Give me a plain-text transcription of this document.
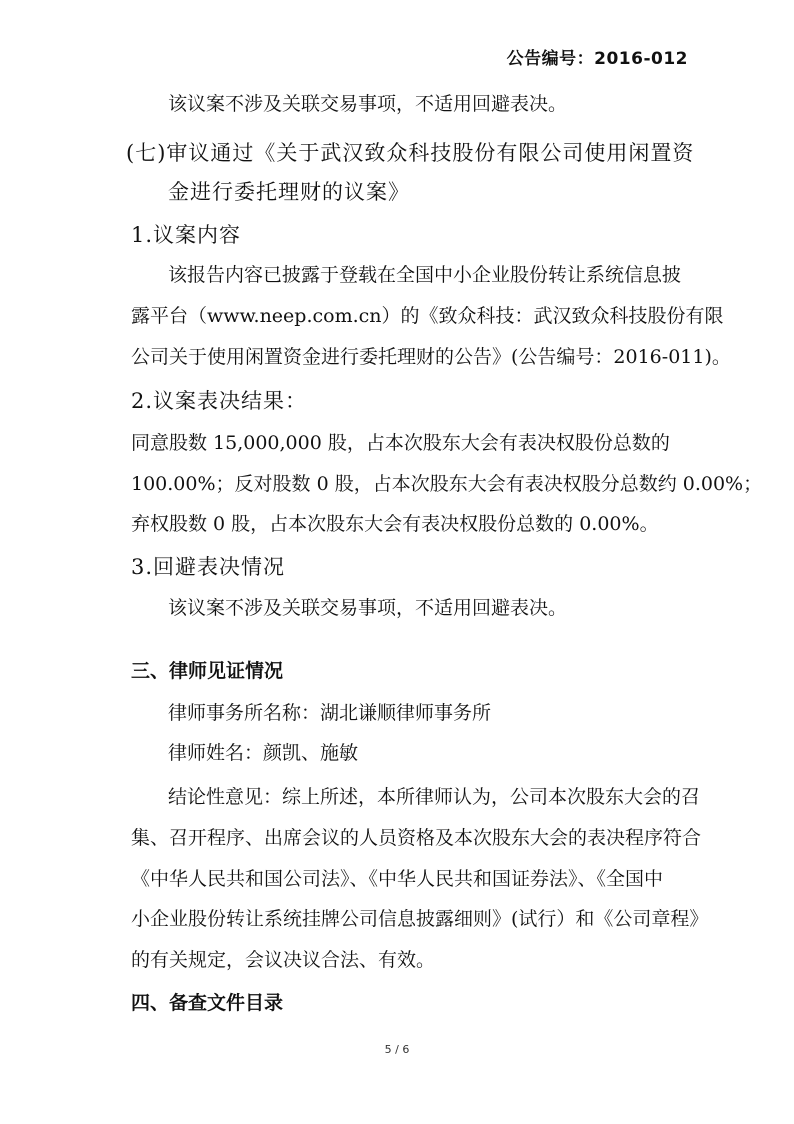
公告编号：2016-012
该议案不涉及关联交易事项，不适用回避表决。
(七)审议通过《关于武汉致众科技股份有限公司使用闲置资
金进行委托理财的议案》
1.议案内容
该报告内容已披露于登载在全国中小企业股份转让系统信息披
露平台（www.neep.com.cn）的《致众科技：武汉致众科技股份有限
公司关于使用闲置资金进行委托理财的公告》(公告编号：2016-011)。
2.议案表决结果：
同意股数 15,000,000 股，占本次股东大会有表决权股份总数的
100.00%；反对股数 0 股，占本次股东大会有表决权股分总数约 0.00%；
弃权股数 0 股，占本次股东大会有表决权股份总数的 0.00%。
3.回避表决情况
该议案不涉及关联交易事项，不适用回避表决。
三、律师见证情况
律师事务所名称：湖北谦顺律师事务所
律师姓名：颜凯、施敏
结论性意见：综上所述，本所律师认为，公司本次股东大会的召
集、召开程序、出席会议的人员资格及本次股东大会的表决程序符合
《中华人民共和国公司法》、《中华人民共和国证券法》、《全国中
小企业股份转让系统挂牌公司信息披露细则》(试行）和《公司章程》
的有关规定，会议决议合法、有效。
四、备查文件目录
5 / 6
